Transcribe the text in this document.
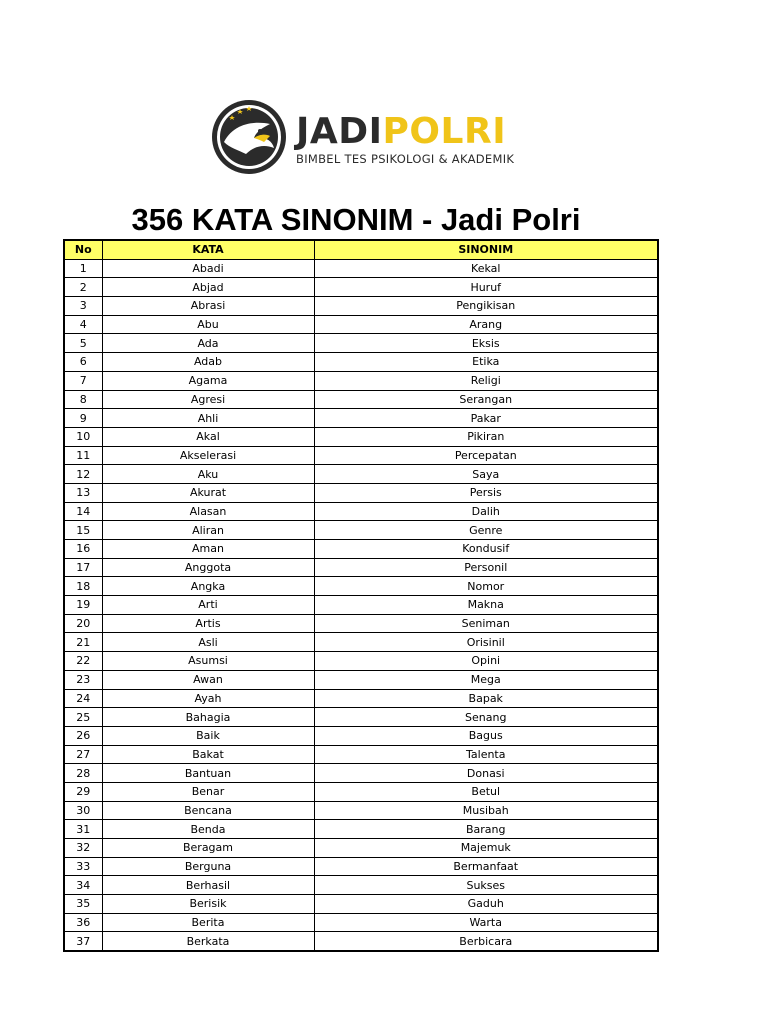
JADIPOLRI
BIMBEL TES PSIKOLOGI & AKADEMIK
356 KATA SINONIM - Jadi Polri
No	KATA	SINONIM
1	Abadi	Kekal
2	Abjad	Huruf
3	Abrasi	Pengikisan
4	Abu	Arang
5	Ada	Eksis
6	Adab	Etika
7	Agama	Religi
8	Agresi	Serangan
9	Ahli	Pakar
10	Akal	Pikiran
11	Akselerasi	Percepatan
12	Aku	Saya
13	Akurat	Persis
14	Alasan	Dalih
15	Aliran	Genre
16	Aman	Kondusif
17	Anggota	Personil
18	Angka	Nomor
19	Arti	Makna
20	Artis	Seniman
21	Asli	Orisinil
22	Asumsi	Opini
23	Awan	Mega
24	Ayah	Bapak
25	Bahagia	Senang
26	Baik	Bagus
27	Bakat	Talenta
28	Bantuan	Donasi
29	Benar	Betul
30	Bencana	Musibah
31	Benda	Barang
32	Beragam	Majemuk
33	Berguna	Bermanfaat
34	Berhasil	Sukses
35	Berisik	Gaduh
36	Berita	Warta
37	Berkata	Berbicara
